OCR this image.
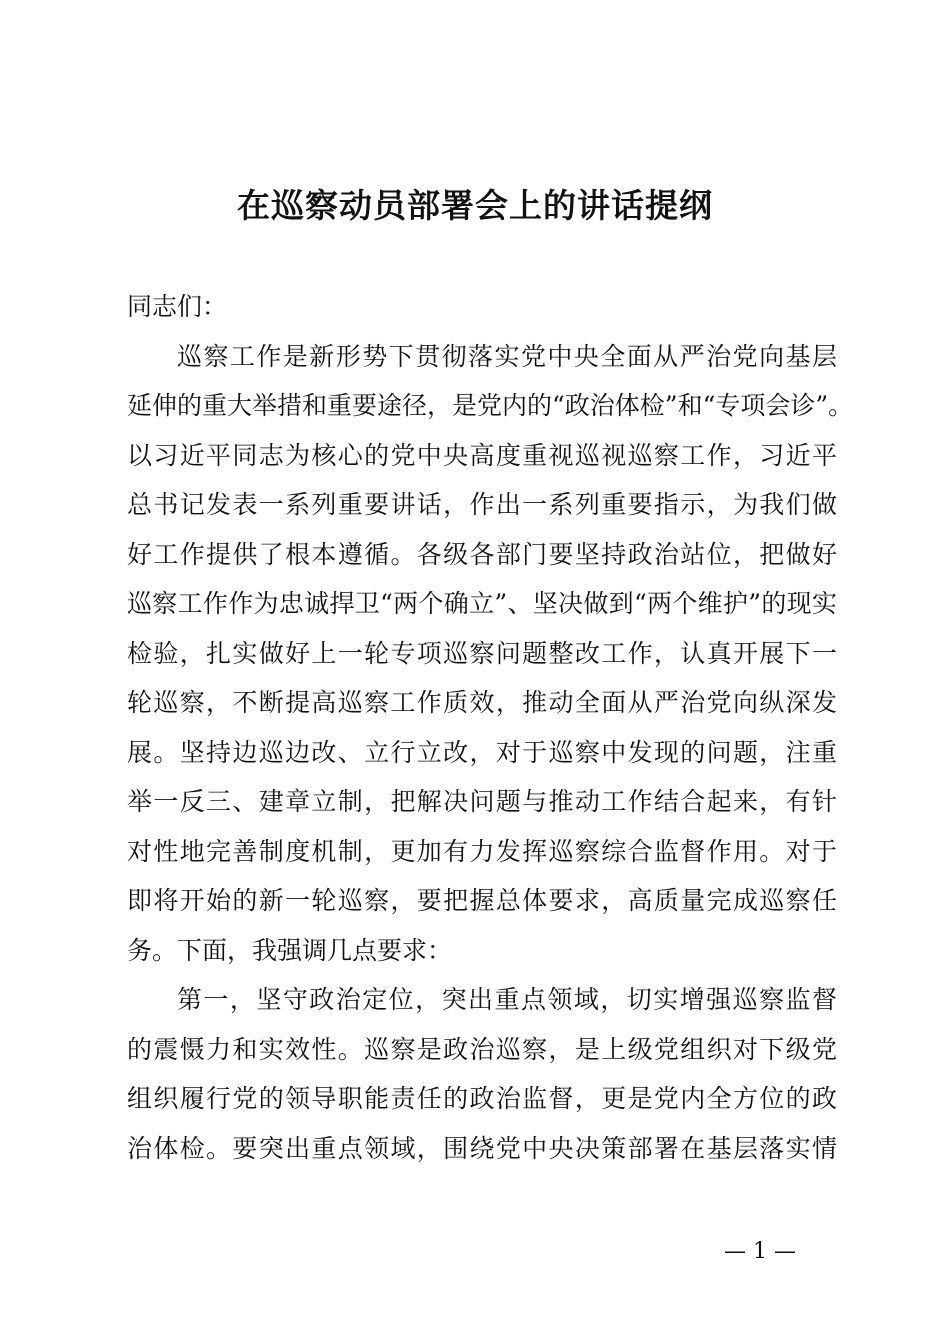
在巡察动员部署会上的讲话提纲
同志们：
巡察工作是新形势下贯彻落实党中央全面从严治党向基层
延伸的重大举措和重要途径，是党内的“政治体检”和“专项会诊”。
以习近平同志为核心的党中央高度重视巡视巡察工作，习近平
总书记发表一系列重要讲话，作出一系列重要指示，为我们做
好工作提供了根本遵循。各级各部门要坚持政治站位，把做好
巡察工作作为忠诚捍卫“两个确立”、坚决做到“两个维护”的现实
检验，扎实做好上一轮专项巡察问题整改工作，认真开展下一
轮巡察，不断提高巡察工作质效，推动全面从严治党向纵深发
展。坚持边巡边改、立行立改，对于巡察中发现的问题，注重
举一反三、建章立制，把解决问题与推动工作结合起来，有针
对性地完善制度机制，更加有力发挥巡察综合监督作用。对于
即将开始的新一轮巡察，要把握总体要求，高质量完成巡察任
务。下面，我强调几点要求：
第一，坚守政治定位，突出重点领域，切实增强巡察监督
的震慑力和实效性。巡察是政治巡察，是上级党组织对下级党
组织履行党的领导职能责任的政治监督，更是党内全方位的政
治体检。要突出重点领域，围绕党中央决策部署在基层落实情
— 1 —
